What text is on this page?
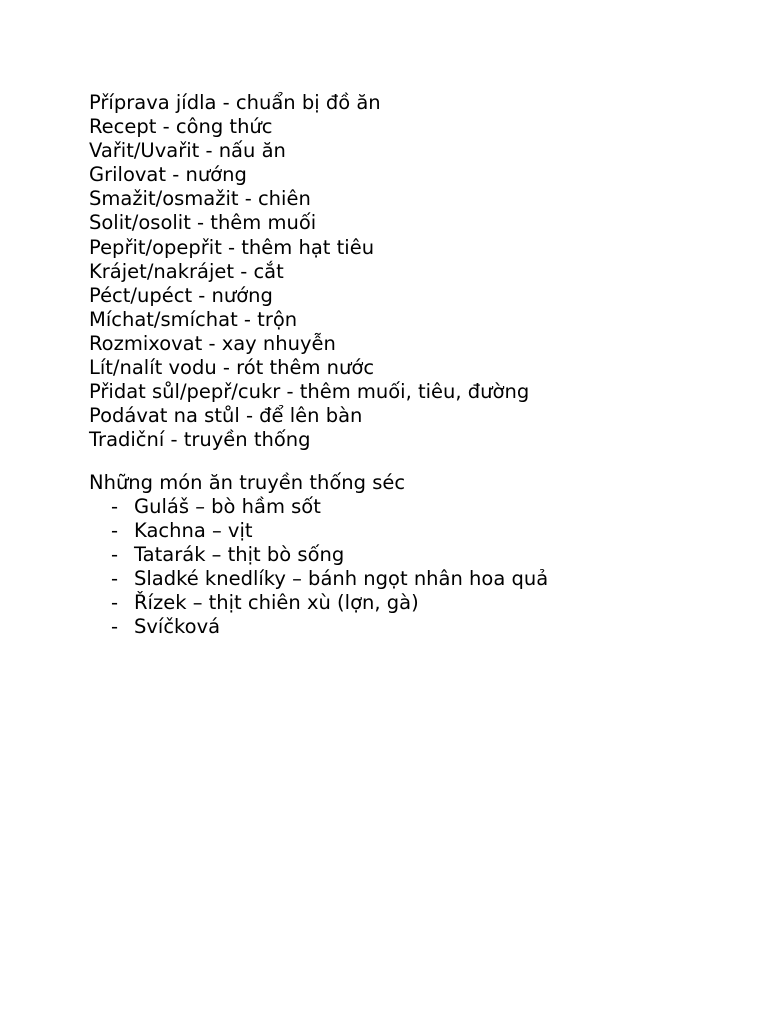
Příprava jídla - chuẩn bị đồ ăn
Recept - công thức
Vařit/Uvařit - nấu ăn
Grilovat - nướng
Smažit/osmažit - chiên
Solit/osolit - thêm muối
Pepřit/opepřit - thêm hạt tiêu
Krájet/nakrájet - cắt
Péct/upéct - nướng
Míchat/smíchat - trộn
Rozmixovat - xay nhuyễn
Lít/nalít vodu - rót thêm nước
Přidat sůl/pepř/cukr - thêm muối, tiêu, đường
Podávat na stůl - để lên bàn
Tradiční - truyền thống

Những món ăn truyền thống séc

- Guláš – bò hầm sốt
- Kachna – vịt
- Tatarák – thịt bò sống
- Sladké knedlíky – bánh ngọt nhân hoa quả
- Řízek – thịt chiên xù (lợn, gà)
- Svíčková
